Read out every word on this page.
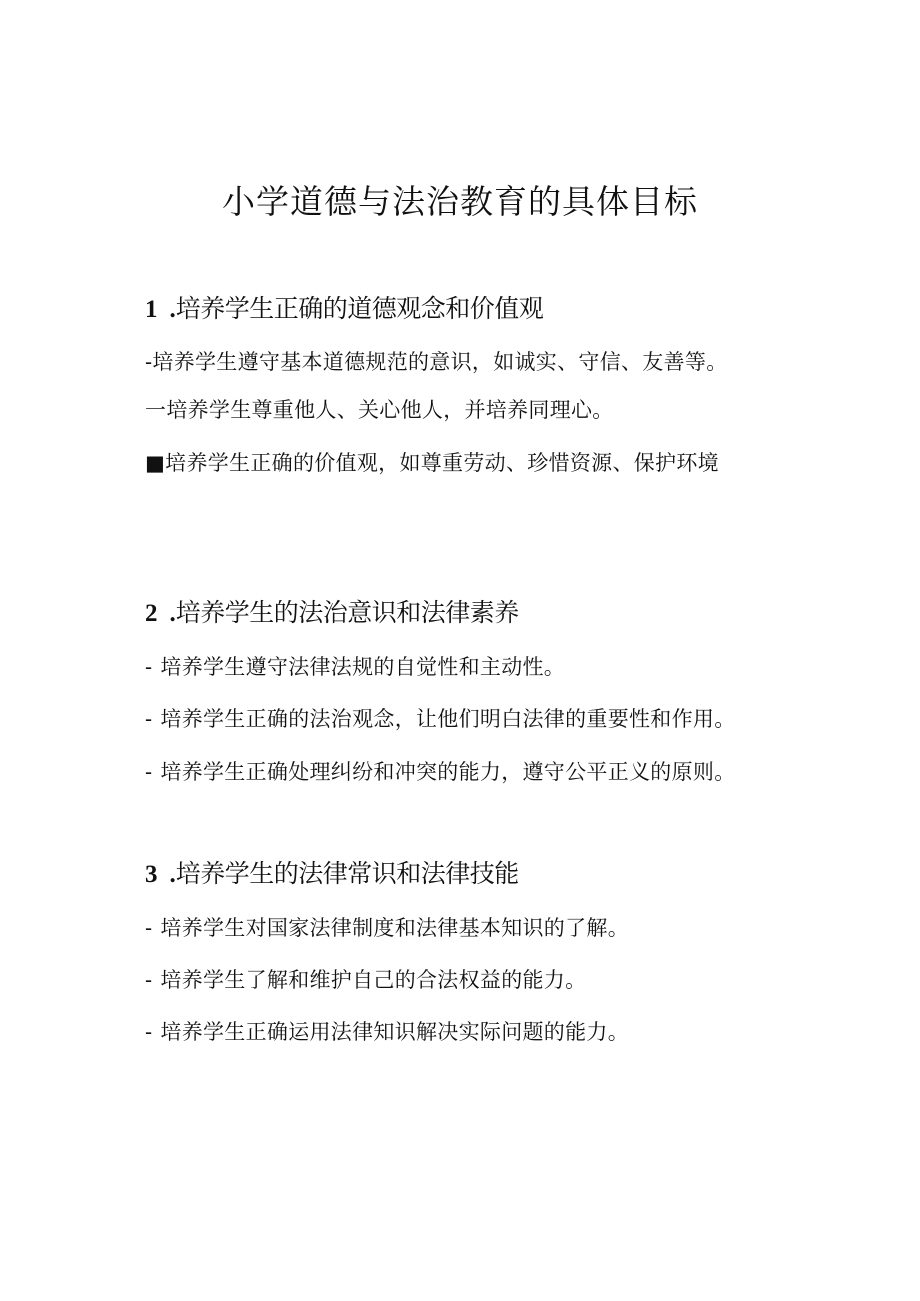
小学道德与法治教育的具体目标
1 .培养学生正确的道德观念和价值观
-培养学生遵守基本道德规范的意识，如诚实、守信、友善等。
一培养学生尊重他人、关心他人，并培养同理心。
■培养学生正确的价值观，如尊重劳动、珍惜资源、保护环境
2 .培养学生的法治意识和法律素养
- 培养学生遵守法律法规的自觉性和主动性。
- 培养学生正确的法治观念，让他们明白法律的重要性和作用。
- 培养学生正确处理纠纷和冲突的能力，遵守公平正义的原则。
3 .培养学生的法律常识和法律技能
- 培养学生对国家法律制度和法律基本知识的了解。
- 培养学生了解和维护自己的合法权益的能力。
- 培养学生正确运用法律知识解决实际问题的能力。
